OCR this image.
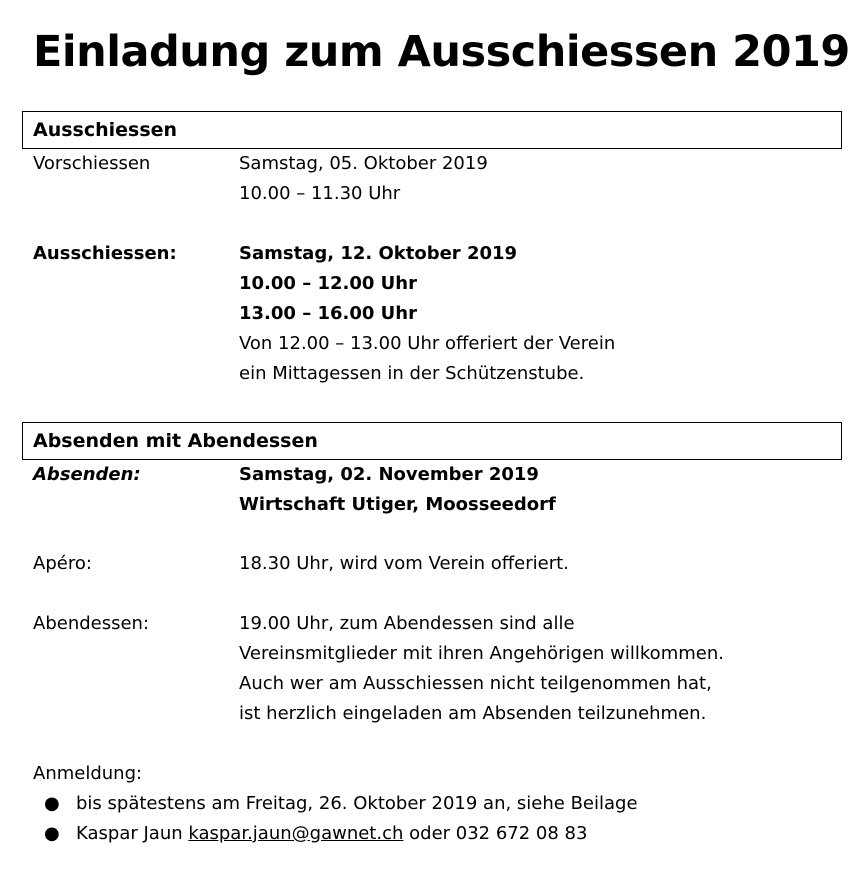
Einladung zum Ausschiessen 2019
Ausschiessen
Vorschiessen	Samstag, 05. Oktober 2019
10.00 – 11.30 Uhr
Ausschiessen:	Samstag, 12. Oktober 2019
10.00 – 12.00 Uhr
13.00 – 16.00 Uhr
Von 12.00 – 13.00 Uhr offeriert der Verein
ein Mittagessen in der Schützenstube.
Absenden mit Abendessen
Absenden:	Samstag, 02. November 2019
Wirtschaft Utiger, Moosseedorf
Apéro:	18.30 Uhr, wird vom Verein offeriert.
Abendessen:	19.00 Uhr, zum Abendessen sind alle
Vereinsmitglieder mit ihren Angehörigen willkommen.
Auch wer am Ausschiessen nicht teilgenommen hat,
ist herzlich eingeladen am Absenden teilzunehmen.
Anmeldung:
● bis spätestens am Freitag, 26. Oktober 2019 an, siehe Beilage
● Kaspar Jaun kaspar.jaun@gawnet.ch oder 032 672 08 83
